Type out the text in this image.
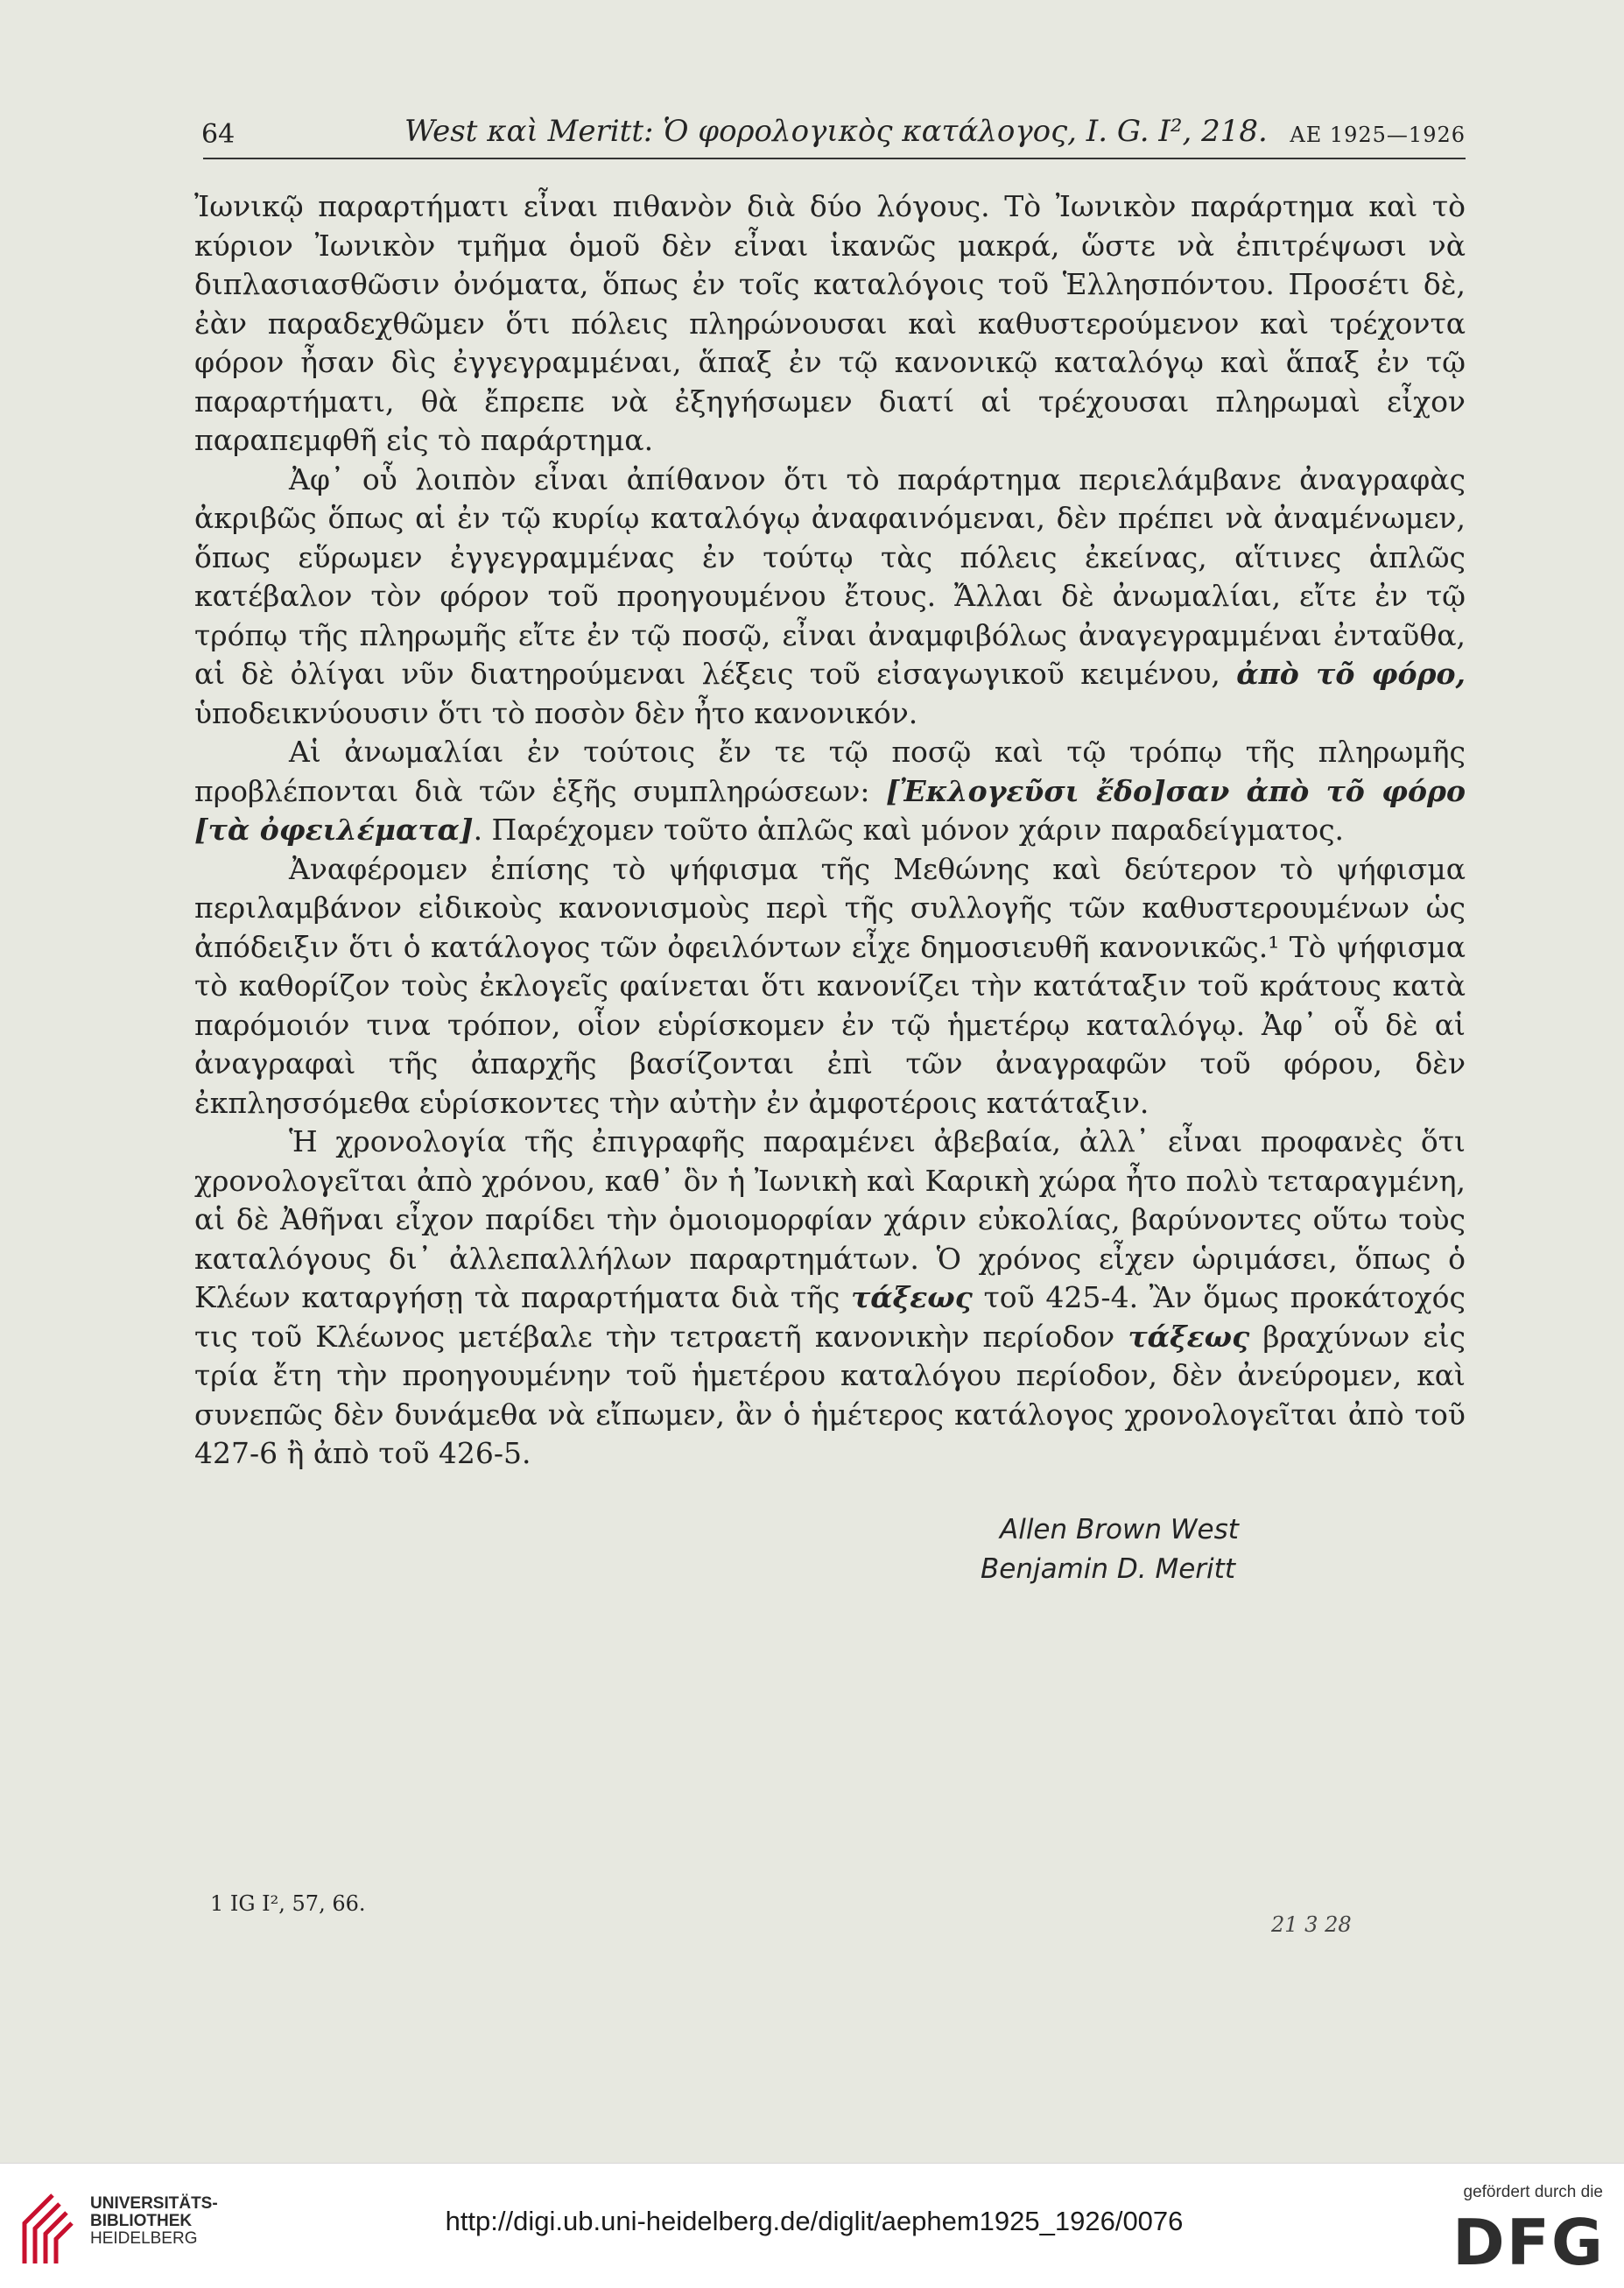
64	West καὶ Meritt: Ὁ φορολογικὸς κατάλογος, I. G. I², 218. ΑΕ 1925—1926

Ἰωνικῷ παραρτήματι εἶναι πιθανὸν διὰ δύο λόγους. Τὸ Ἰωνικὸν παράρτημα καὶ τὸ κύριον Ἰωνικὸν τμῆμα ὁμοῦ δὲν εἶναι ἱκανῶς μακρά, ὥστε νὰ ἐπιτρέψωσι νὰ διπλασιασθῶσιν ὀνόματα, ὅπως ἐν τοῖς καταλόγοις τοῦ Ἑλλησπόντου. Προσέτι δὲ, ἐὰν παραδεχθῶμεν ὅτι πόλεις πληρώνουσαι καὶ καθυστερούμενον καὶ τρέχοντα φόρον ἦσαν δὶς ἐγγεγραμμέναι, ἅπαξ ἐν τῷ κανονικῷ καταλόγῳ καὶ ἅπαξ ἐν τῷ παραρτήματι, θὰ ἔπρεπε νὰ ἐξηγήσωμεν διατί αἱ τρέχουσαι πληρωμαὶ εἶχον παραπεμφθῆ εἰς τὸ παράρτημα.

Ἀφ᾽ οὗ λοιπὸν εἶναι ἀπίθανον ὅτι τὸ παράρτημα περιελάμβανε ἀναγραφὰς ἀκριβῶς ὅπως αἱ ἐν τῷ κυρίῳ καταλόγῳ ἀναφαινόμεναι, δὲν πρέπει νὰ ἀναμένωμεν, ὅπως εὕρωμεν ἐγγεγραμμένας ἐν τούτῳ τὰς πόλεις ἐκείνας, αἵτινες ἁπλῶς κατέβαλον τὸν φόρον τοῦ προηγουμένου ἔτους. Ἄλλαι δὲ ἀνωμαλίαι, εἴτε ἐν τῷ τρόπῳ τῆς πληρωμῆς εἴτε ἐν τῷ ποσῷ, εἶναι ἀναμφιβόλως ἀναγεγραμμέναι ἐνταῦθα, αἱ δὲ ὀλίγαι νῦν διατηρούμεναι λέξεις τοῦ εἰσαγωγικοῦ κειμένου, ἀπὸ τõ φόρο, ὑποδεικνύουσιν ὅτι τὸ ποσὸν δὲν ἦτο κανονικόν.

Αἱ ἀνωμαλίαι ἐν τούτοις ἔν τε τῷ ποσῷ καὶ τῷ τρόπῳ τῆς πληρωμῆς προβλέπονται διὰ τῶν ἑξῆς συμπληρώσεων: [Ἐκλογεῦσι ἔδο]σαν ἀπὸ τõ φόρο [τὰ ὀφειλέματα]. Παρέχομεν τοῦτο ἁπλῶς καὶ μόνον χάριν παραδείγματος.

Ἀναφέρομεν ἐπίσης τὸ ψήφισμα τῆς Μεθώνης καὶ δεύτερον τὸ ψήφισμα περιλαμβάνον εἰδικοὺς κανονισμοὺς περὶ τῆς συλλογῆς τῶν καθυστερουμένων ὡς ἀπόδειξιν ὅτι ὁ κατάλογος τῶν ὀφειλόντων εἶχε δημοσιευθῆ κανονικῶς.¹ Τὸ ψήφισμα τὸ καθορίζον τοὺς ἐκλογεῖς φαίνεται ὅτι κανονίζει τὴν κατάταξιν τοῦ κράτους κατὰ παρόμοιόν τινα τρόπον, οἷον εὑρίσκομεν ἐν τῷ ἡμετέρῳ καταλόγῳ. Ἀφ᾽ οὗ δὲ αἱ ἀναγραφαὶ τῆς ἀπαρχῆς βασίζονται ἐπὶ τῶν ἀναγραφῶν τοῦ φόρου, δὲν ἐκπλησσόμεθα εὑρίσκοντες τὴν αὐτὴν ἐν ἀμφοτέροις κατάταξιν.

Ἡ χρονολογία τῆς ἐπιγραφῆς παραμένει ἀβεβαία, ἀλλ᾽ εἶναι προφανὲς ὅτι χρονολογεῖται ἀπὸ χρόνου, καθ᾽ ὃν ἡ Ἰωνικὴ καὶ Καρικὴ χώρα ἦτο πολὺ τεταραγμένη, αἱ δὲ Ἀθῆναι εἶχον παρίδει τὴν ὁμοιομορφίαν χάριν εὐκολίας, βαρύνοντες οὕτω τοὺς καταλόγους δι᾽ ἀλλεπαλλήλων παραρτημάτων. Ὁ χρόνος εἶχεν ὡριμάσει, ὅπως ὁ Κλέων καταργήσῃ τὰ παραρτήματα διὰ τῆς τάξεως τοῦ 425-4. Ἂν ὅμως προκάτοχός τις τοῦ Κλέωνος μετέβαλε τὴν τετραετῆ κανονικὴν περίοδον τάξεως βραχύνων εἰς τρία ἔτη τὴν προηγουμένην τοῦ ἡμετέρου καταλόγου περίοδον, δὲν ἀνεύρομεν, καὶ συνεπῶς δὲν δυνάμεθα νὰ εἴπωμεν, ἂν ὁ ἡμέτερος κατάλογος χρονολογεῖται ἀπὸ τοῦ 427-6 ἢ ἀπὸ τοῦ 426-5.

Allen Brown West
Benjamin D. Meritt
1 IG I², 57, 66.
21 3 28
UNIVERSITÄTS-
BIBLIOTHEK
HEIDELBERG
http://digi.ub.uni-heidelberg.de/diglit/aephem1925_1926/0076
gefördert durch die
DFG
